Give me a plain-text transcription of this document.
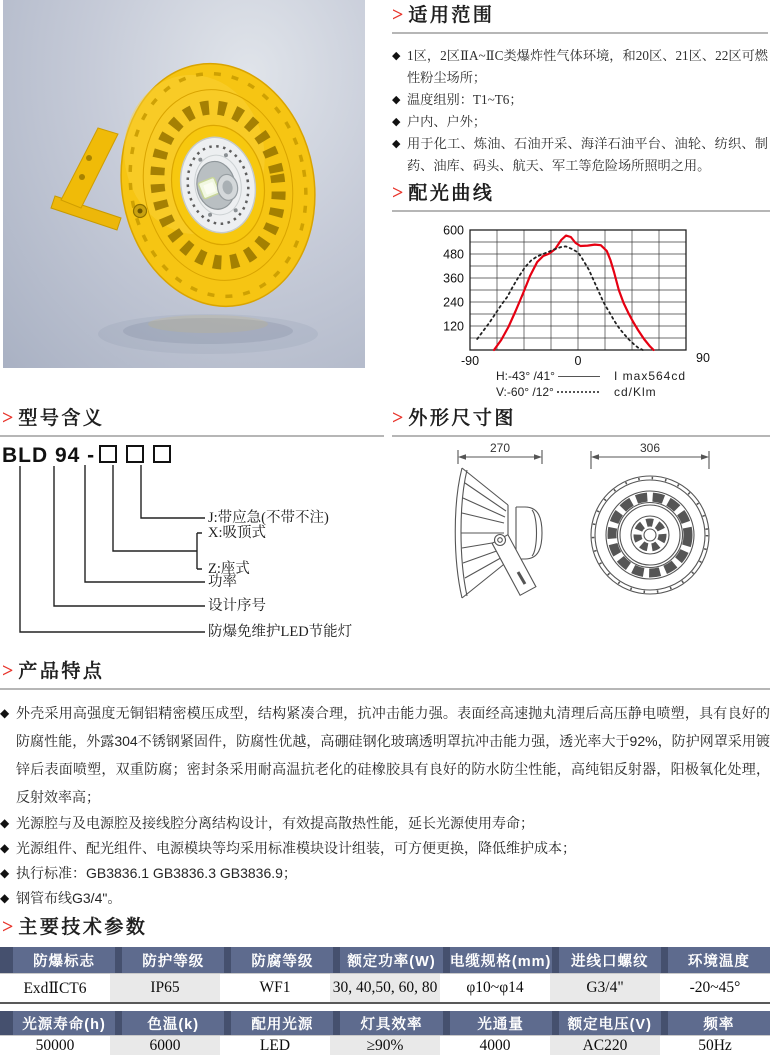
> 适用范围
◆ 1区，2区ⅡA~ⅡC类爆炸性气体环境，和20区、21区、22区可燃性粉尘场所；
◆ 温度组别：T1~T6；
◆ 户内、户外；
◆ 用于化工、炼油、石油开采、海洋石油平台、油轮、纺织、制药、油库、码头、航天、军工等危险场所照明之用。
> 配光曲线
600
480
360
240
120
-90	0	90
H:-43° /41°
V:-60° /12°
I max564cd
cd/Klm
> 型号含义
BLD 94 -
J:带应急(不带不注)
X:吸顶式
Z:座式
功率
设计序号
防爆免维护LED节能灯
> 外形尺寸图
270	306
> 产品特点
◆ 外壳采用高强度无铜铝精密模压成型，结构紧凑合理，抗冲击能力强。表面经高速抛丸清理后高压静电喷塑，具有良好的防腐性能，外露304不锈钢紧固件，防腐性优越，高硼硅钢化玻璃透明罩抗冲击能力强，透光率大于92%，防护网罩采用镀锌后表面喷塑，双重防腐；密封条采用耐高温抗老化的硅橡胶具有良好的防水防尘性能，高纯铝反射器，阳极氧化处理，反射效率高；
◆ 光源腔与及电源腔及接线腔分离结构设计，有效提高散热性能，延长光源使用寿命；
◆ 光源组件、配光组件、电源模块等均采用标准模块设计组装，可方便更换，降低维护成本；
◆ 执行标准：GB3836.1 GB3836.3 GB3836.9；
◆ 钢管布线G3/4"。
> 主要技术参数
防爆标志	防护等级	防腐等级	额定功率(W) 电缆规格(mm)	进线口螺纹	环境温度
ExdⅡCT6	IP65	WF1	30, 40,50, 60, 80	φ10~φ14	G3/4"	-20~45°
光源寿命(h)	色温(k)	配用光源	灯具效率	光通量	额定电压(V)	频率
50000	6000	LED	≥90%	4000	AC220	50Hz
